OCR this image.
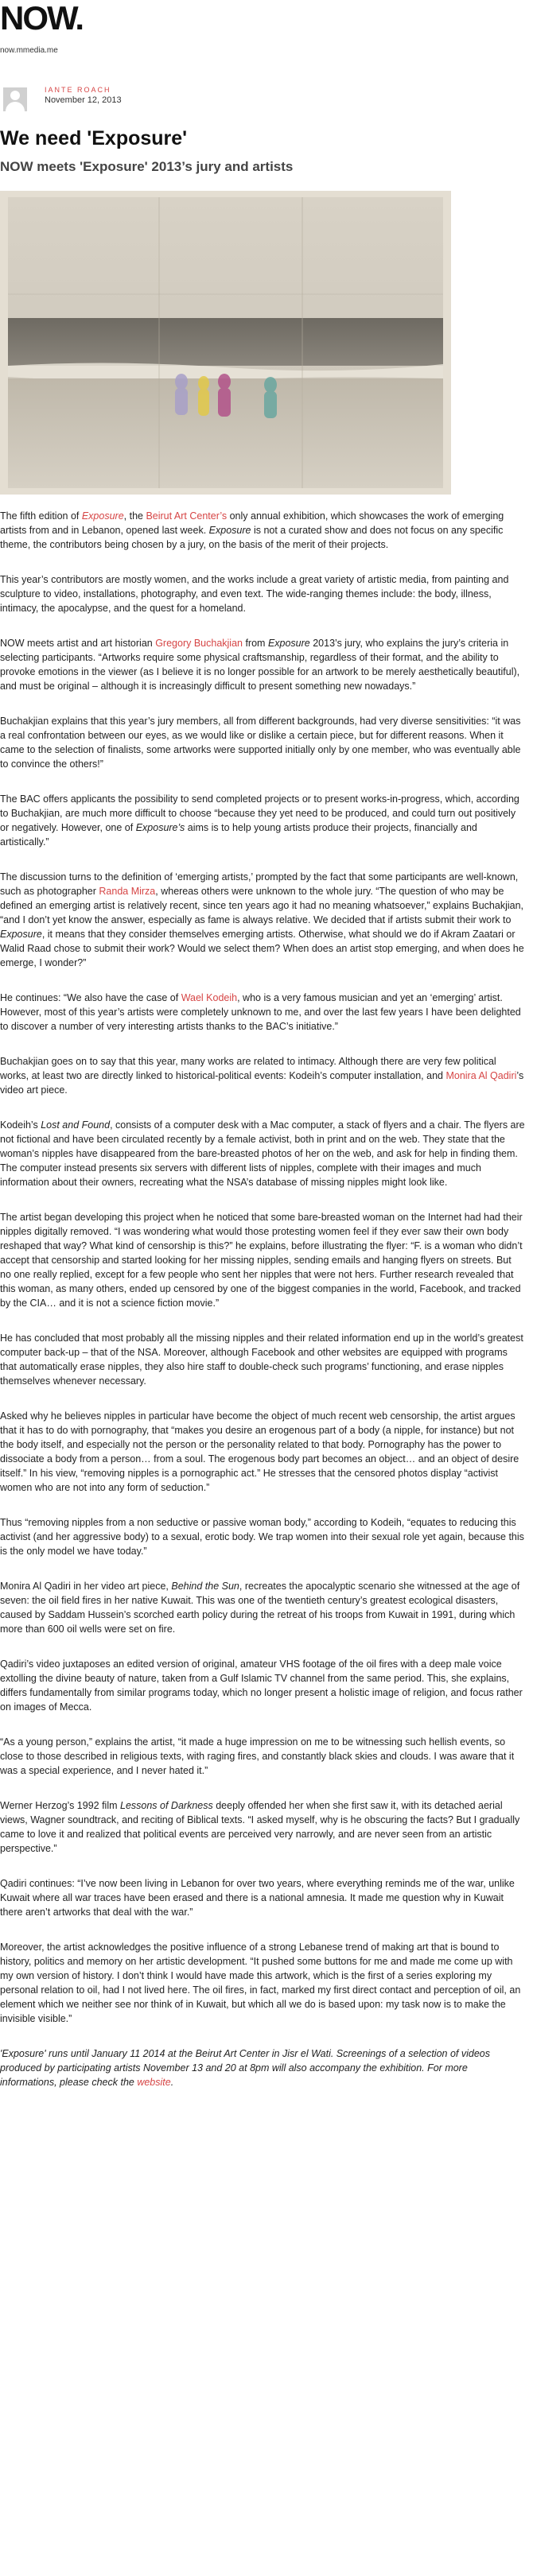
NOW.
now.mmedia.me
IANTE ROACH
November 12, 2013
We need 'Exposure'
NOW meets 'Exposure' 2013’s jury and artists

The fifth edition of Exposure, the Beirut Art Center’s only annual exhibition, which showcases the work of emerging artists from and in Lebanon, opened last week. Exposure is not a curated show and does not focus on any specific theme, the contributors being chosen by a jury, on the basis of the merit of their projects.

This year’s contributors are mostly women, and the works include a great variety of artistic media, from painting and sculpture to video, installations, photography, and even text. The wide-ranging themes include: the body, illness, intimacy, the apocalypse, and the quest for a homeland.

NOW meets artist and art historian Gregory Buchakjian from Exposure 2013’s jury, who explains the jury’s criteria in selecting participants. “Artworks require some physical craftsmanship, regardless of their format, and the ability to provoke emotions in the viewer (as I believe it is no longer possible for an artwork to be merely aesthetically beautiful), and must be original – although it is increasingly difficult to present something new nowadays.”

Buchakjian explains that this year’s jury members, all from different backgrounds, had very diverse sensitivities: “it was a real confrontation between our eyes, as we would like or dislike a certain piece, but for different reasons. When it came to the selection of finalists, some artworks were supported initially only by one member, who was eventually able to convince the others!”

The BAC offers applicants the possibility to send completed projects or to present works-in-progress, which, according to Buchakjian, are much more difficult to choose “because they yet need to be produced, and could turn out positively or negatively. However, one of Exposure’s aims is to help young artists produce their projects, financially and artistically.”

The discussion turns to the definition of ‘emerging artists,’ prompted by the fact that some participants are well-known, such as photographer Randa Mirza, whereas others were unknown to the whole jury. “The question of who may be defined an emerging artist is relatively recent, since ten years ago it had no meaning whatsoever,” explains Buchakjian, “and I don’t yet know the answer, especially as fame is always relative. We decided that if artists submit their work to Exposure, it means that they consider themselves emerging artists. Otherwise, what should we do if Akram Zaatari or Walid Raad chose to submit their work? Would we select them? When does an artist stop emerging, and when does he emerge, I wonder?”

He continues: “We also have the case of Wael Kodeih, who is a very famous musician and yet an ‘emerging’ artist. However, most of this year’s artists were completely unknown to me, and over the last few years I have been delighted to discover a number of very interesting artists thanks to the BAC’s initiative.”

Buchakjian goes on to say that this year, many works are related to intimacy. Although there are very few political works, at least two are directly linked to historical-political events: Kodeih’s computer installation, and Monira Al Qadiri’s video art piece.

Kodeih’s Lost and Found, consists of a computer desk with a Mac computer, a stack of flyers and a chair. The flyers are not fictional and have been circulated recently by a female activist, both in print and on the web. They state that the woman’s nipples have disappeared from the bare-breasted photos of her on the web, and ask for help in finding them. The computer instead presents six servers with different lists of nipples, complete with their images and much information about their owners, recreating what the NSA’s database of missing nipples might look like.

The artist began developing this project when he noticed that some bare-breasted woman on the Internet had had their nipples digitally removed. “I was wondering what would those protesting women feel if they ever saw their own body reshaped that way? What kind of censorship is this?” he explains, before illustrating the flyer: “F. is a woman who didn’t accept that censorship and started looking for her missing nipples, sending emails and hanging flyers on streets. But no one really replied, except for a few people who sent her nipples that were not hers. Further research revealed that this woman, as many others, ended up censored by one of the biggest companies in the world, Facebook, and tracked by the CIA… and it is not a science fiction movie.”

He has concluded that most probably all the missing nipples and their related information end up in the world’s greatest computer back-up – that of the NSA. Moreover, although Facebook and other websites are equipped with programs that automatically erase nipples, they also hire staff to double-check such programs’ functioning, and erase nipples themselves whenever necessary.

Asked why he believes nipples in particular have become the object of much recent web censorship, the artist argues that it has to do with pornography, that “makes you desire an erogenous part of a body (a nipple, for instance) but not the body itself, and especially not the person or the personality related to that body. Pornography has the power to dissociate a body from a person… from a soul. The erogenous body part becomes an object… and an object of desire itself.” In his view, “removing nipples is a pornographic act.” He stresses that the censored photos display “activist women who are not into any form of seduction.”

Thus “removing nipples from a non seductive or passive woman body,” according to Kodeih, “equates to reducing this activist (and her aggressive body) to a sexual, erotic body. We trap women into their sexual role yet again, because this is the only model we have today.”

Monira Al Qadiri in her video art piece, Behind the Sun, recreates the apocalyptic scenario she witnessed at the age of seven: the oil field fires in her native Kuwait. This was one of the twentieth century’s greatest ecological disasters, caused by Saddam Hussein’s scorched earth policy during the retreat of his troops from Kuwait in 1991, during which more than 600 oil wells were set on fire.

Qadiri’s video juxtaposes an edited version of original, amateur VHS footage of the oil fires with a deep male voice extolling the divine beauty of nature, taken from a Gulf Islamic TV channel from the same period. This, she explains, differs fundamentally from similar programs today, which no longer present a holistic image of religion, and focus rather on images of Mecca.

“As a young person,” explains the artist, “it made a huge impression on me to be witnessing such hellish events, so close to those described in religious texts, with raging fires, and constantly black skies and clouds. I was aware that it was a special experience, and I never hated it.”

Werner Herzog’s 1992 film Lessons of Darkness deeply offended her when she first saw it, with its detached aerial views, Wagner soundtrack, and reciting of Biblical texts. “I asked myself, why is he obscuring the facts? But I gradually came to love it and realized that political events are perceived very narrowly, and are never seen from an artistic perspective.”

Qadiri continues: “I’ve now been living in Lebanon for over two years, where everything reminds me of the war, unlike Kuwait where all war traces have been erased and there is a national amnesia. It made me question why in Kuwait there aren’t artworks that deal with the war.”

Moreover, the artist acknowledges the positive influence of a strong Lebanese trend of making art that is bound to history, politics and memory on her artistic development. “It pushed some buttons for me and made me come up with my own version of history. I don’t think I would have made this artwork, which is the first of a series exploring my personal relation to oil, had I not lived here. The oil fires, in fact, marked my first direct contact and perception of oil, an element which we neither see nor think of in Kuwait, but which all we do is based upon: my task now is to make the invisible visible.”

'Exposure' runs until January 11 2014 at the Beirut Art Center in Jisr el Wati. Screenings of a selection of videos produced by participating artists November 13 and 20 at 8pm will also accompany the exhibition. For more informations, please check the website.
